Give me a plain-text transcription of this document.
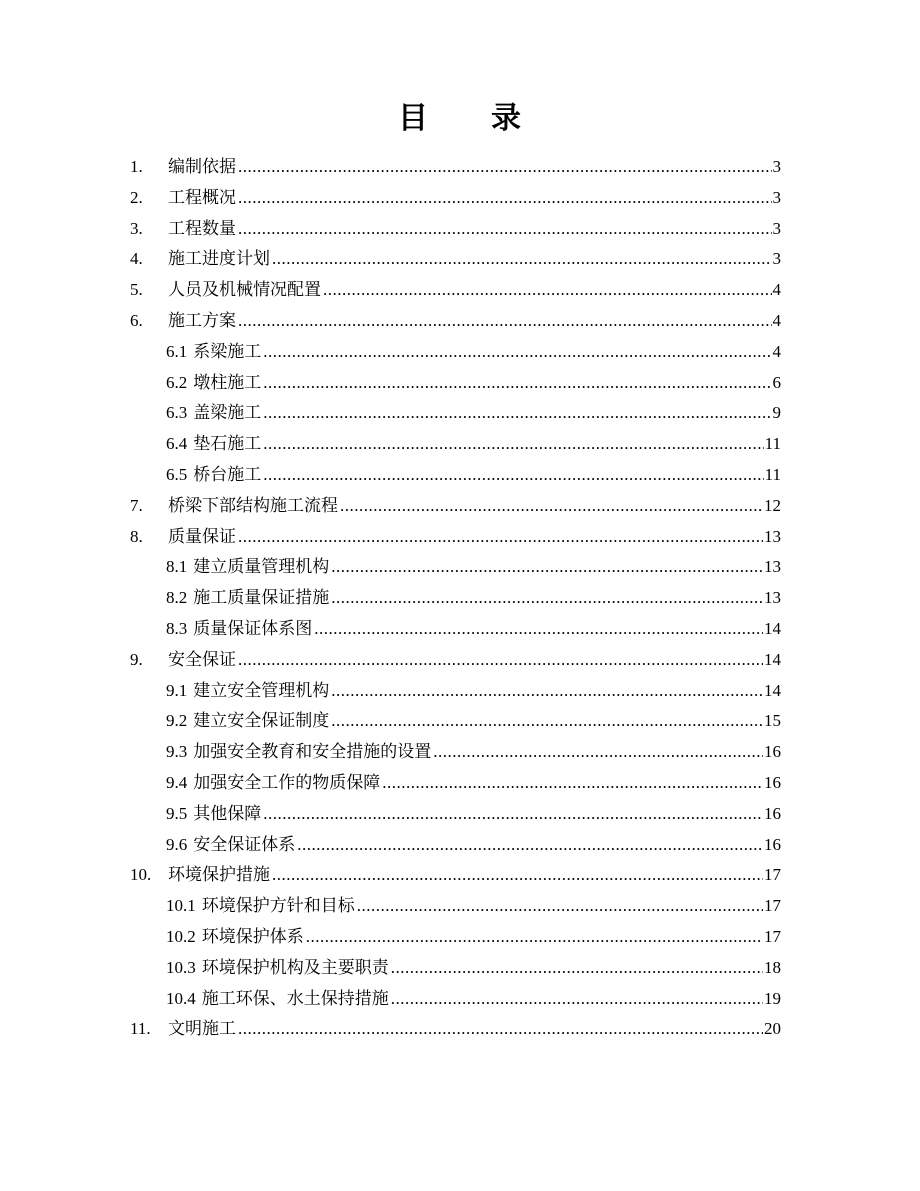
目　　录
1.	编制依据 .....	3
2.	工程概况 .....	3
3.	工程数量 .....	3
4.	施工进度计划 .....	3
5.	人员及机械情况配置 .....	4
6.	施工方案 .....	4
6.1 系梁施工 .....	4
6.2 墩柱施工 .....	6
6.3 盖梁施工 .....	9
6.4 垫石施工 .....	11
6.5 桥台施工 .....	11
7.	桥梁下部结构施工流程 .....	12
8.	质量保证 .....	13
8.1 建立质量管理机构 .....	13
8.2 施工质量保证措施 .....	13
8.3 质量保证体系图 .....	14
9.	安全保证 .....	14
9.1 建立安全管理机构 .....	14
9.2 建立安全保证制度 .....	15
9.3 加强安全教育和安全措施的设置 .....	16
9.4 加强安全工作的物质保障 .....	16
9.5 其他保障 .....	16
9.6 安全保证体系 .....	16
10. 环境保护措施 .....	17
10.1 环境保护方针和目标 .....	17
10.2 环境保护体系 .....	17
10.3 环境保护机构及主要职责 .....	18
10.4 施工环保、水土保持措施 .....	19
11.	文明施工 .....	20
